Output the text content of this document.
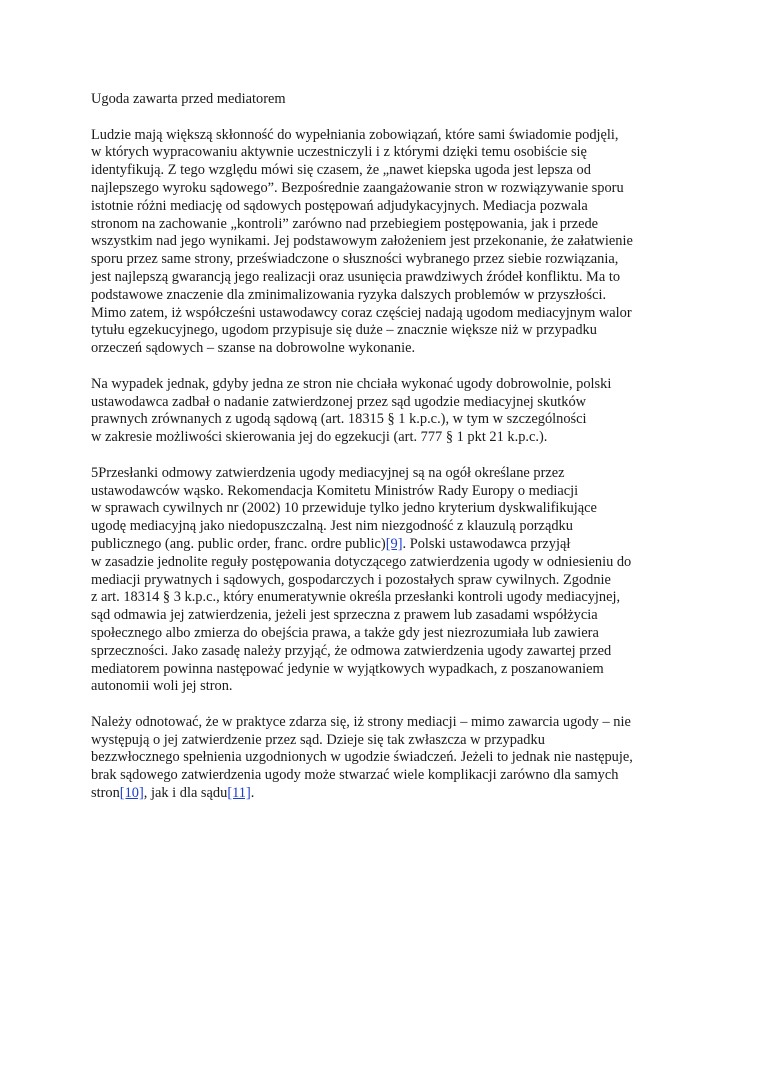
Ugoda zawarta przed mediatorem
Ludzie mają większą skłonność do wypełniania zobowiązań, które sami świadomie podjęli,
w których wypracowaniu aktywnie uczestniczyli i z którymi dzięki temu osobiście się
identyfikują. Z tego względu mówi się czasem, że „nawet kiepska ugoda jest lepsza od
najlepszego wyroku sądowego”. Bezpośrednie zaangażowanie stron w rozwiązywanie sporu
istotnie różni mediację od sądowych postępowań adjudykacyjnych. Mediacja pozwala
stronom na zachowanie „kontroli” zarówno nad przebiegiem postępowania, jak i przede
wszystkim nad jego wynikami. Jej podstawowym założeniem jest przekonanie, że załatwienie
sporu przez same strony, przeświadczone o słuszności wybranego przez siebie rozwiązania,
jest najlepszą gwarancją jego realizacji oraz usunięcia prawdziwych źródeł konfliktu. Ma to
podstawowe znaczenie dla zminimalizowania ryzyka dalszych problemów w przyszłości.
Mimo zatem, iż współcześni ustawodawcy coraz częściej nadają ugodom mediacyjnym walor
tytułu egzekucyjnego, ugodom przypisuje się duże – znacznie większe niż w przypadku
orzeczeń sądowych – szanse na dobrowolne wykonanie.
Na wypadek jednak, gdyby jedna ze stron nie chciała wykonać ugody dobrowolnie, polski
ustawodawca zadbał o nadanie zatwierdzonej przez sąd ugodzie mediacyjnej skutków
prawnych zrównanych z ugodą sądową (art. 18315 § 1 k.p.c.), w tym w szczególności
w zakresie możliwości skierowania jej do egzekucji (art. 777 § 1 pkt 21 k.p.c.).
5Przesłanki odmowy zatwierdzenia ugody mediacyjnej są na ogół określane przez
ustawodawców wąsko. Rekomendacja Komitetu Ministrów Rady Europy o mediacji
w sprawach cywilnych nr (2002) 10 przewiduje tylko jedno kryterium dyskwalifikujące
ugodę mediacyjną jako niedopuszczalną. Jest nim niezgodność z klauzulą porządku
publicznego (ang. public order, franc. ordre public)[9]. Polski ustawodawca przyjął
w zasadzie jednolite reguły postępowania dotyczącego zatwierdzenia ugody w odniesieniu do
mediacji prywatnych i sądowych, gospodarczych i pozostałych spraw cywilnych. Zgodnie
z art. 18314 § 3 k.p.c., który enumeratywnie określa przesłanki kontroli ugody mediacyjnej,
sąd odmawia jej zatwierdzenia, jeżeli jest sprzeczna z prawem lub zasadami współżycia
społecznego albo zmierza do obejścia prawa, a także gdy jest niezrozumiała lub zawiera
sprzeczności. Jako zasadę należy przyjąć, że odmowa zatwierdzenia ugody zawartej przed
mediatorem powinna następować jedynie w wyjątkowych wypadkach, z poszanowaniem
autonomii woli jej stron.
Należy odnotować, że w praktyce zdarza się, iż strony mediacji – mimo zawarcia ugody – nie
występują o jej zatwierdzenie przez sąd. Dzieje się tak zwłaszcza w przypadku
bezzwłocznego spełnienia uzgodnionych w ugodzie świadczeń. Jeżeli to jednak nie następuje,
brak sądowego zatwierdzenia ugody może stwarzać wiele komplikacji zarówno dla samych
stron[10], jak i dla sądu[11].
